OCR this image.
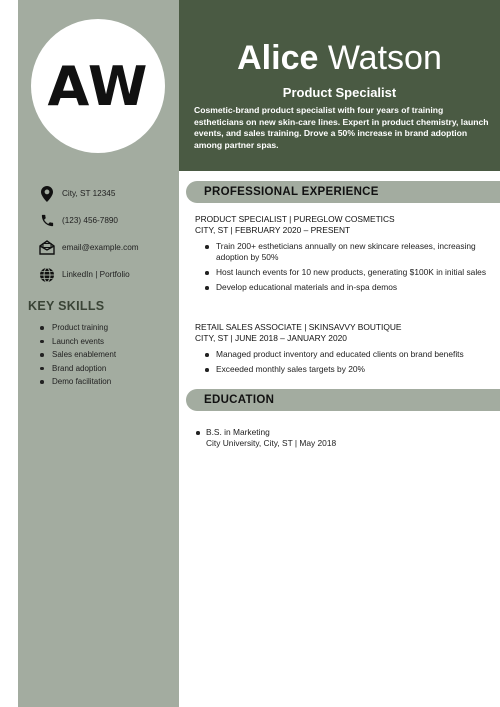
AW	Alice Watson
Product Specialist

Cosmetic-brand product specialist with four years of training estheticians on new skin-care lines. Expert in product chemistry, launch events, and sales training. Drove a 50% increase in brand adoption among partner spas.

City, ST 12345
(123) 456-7890
email@example.com
LinkedIn | Portfolio
KEY SKILLS
Product training
Launch events
Sales enablement
Brand adoption
Demo facilitation
PROFESSIONAL EXPERIENCE
PRODUCT SPECIALIST | PUREGLOW COSMETICS
CITY, ST | FEBRUARY 2020 – PRESENT
Train 200+ estheticians annually on new skincare releases, increasing adoption by 50%
Host launch events for 10 new products, generating $100K in initial sales
Develop educational materials and in-spa demos
RETAIL SALES ASSOCIATE | SKINSAVVY BOUTIQUE
CITY, ST | JUNE 2018 – JANUARY 2020
Managed product inventory and educated clients on brand benefits
Exceeded monthly sales targets by 20%
EDUCATION
B.S. in Marketing
City University, City, ST | May 2018
